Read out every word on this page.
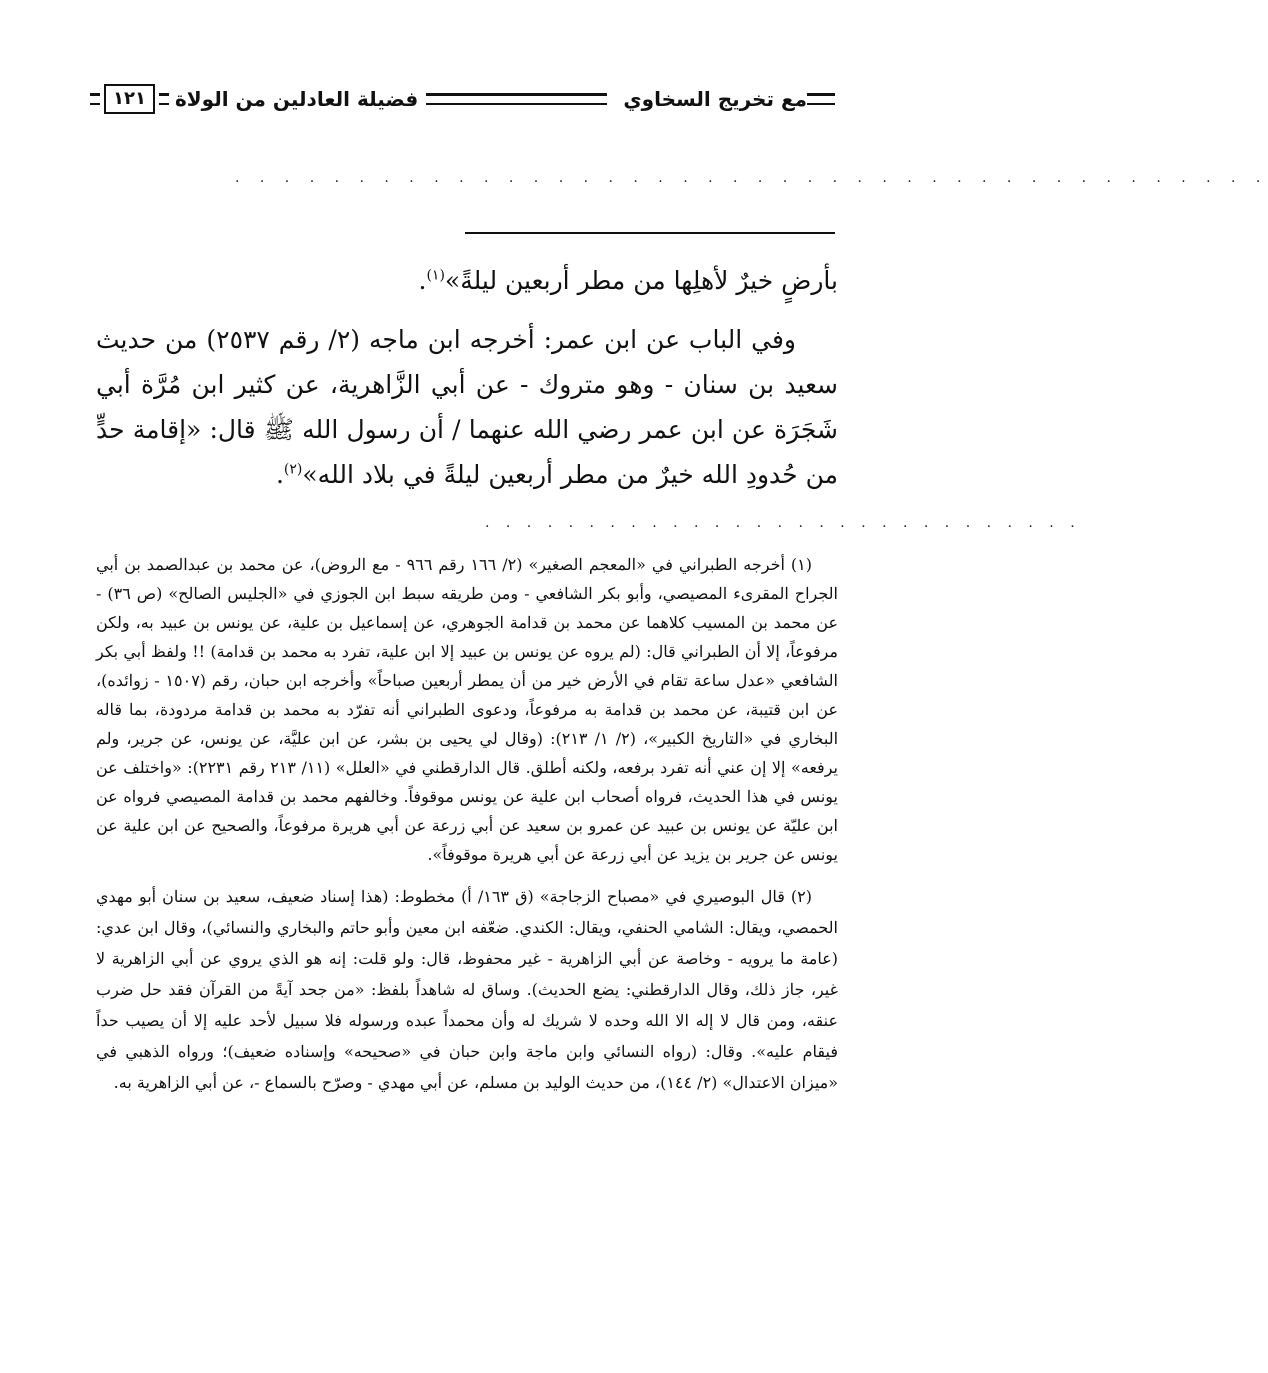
مع تخريج السخاوي
فضيلة العادلين من الولاة
١٢١
. . . . . . . . . . . . . . . . . . . . . . . . . . . . . . . . . . . . . . . . . .

بأرضٍ خيرٌ لأهلِها من مطر أربعين ليلةً»$^{(١)}$.

وفي الباب عن ابن عمر: أخرجه ابن ماجه (٢/ رقم ٢٥٣٧) من حديث سعيد بن سنان - وهو متروك - عن أبي الزَّاهرية، عن كثير ابن مُرَّة أبي شَجَرَة عن ابن عمر رضي الله عنهما / أن رسول الله ﷺ قال: «إقامة حدٍّ من حُدودِ الله خيرٌ من مطر أربعين ليلةً في بلاد الله»$^{(٢)}$.

. . . . . . . . . . . . . . . . . . . . . . . . . . . . .

(١) أخرجه الطبراني في «المعجم الصغير» (٢/ ١٦٦ رقم ٩٦٦ - مع الروض)، عن محمد بن عبدالصمد بن أبي الجراح المقرىء المصيصي، وأبو بكر الشافعي - ومن طريقه سبط ابن الجوزي في «الجليس الصالح» (ص ٣٦) - عن محمد بن المسيب كلاهما عن محمد بن قدامة الجوهري، عن إسماعيل بن علية، عن يونس بن عبيد به، ولكن مرفوعاً، إلا أن الطبراني قال: (لم يروه عن يونس بن عبيد إلا ابن علية، تفرد به محمد بن قدامة) !! ولفظ أبي بكر الشافعي «عدل ساعة تقام في الأرض خير من أن يمطر أربعين صباحاً» وأخرجه ابن حبان، رقم (١٥٠٧ - زوائده)، عن ابن قتيبة، عن محمد بن قدامة به مرفوعاً، ودعوى الطبراني أنه تفرّد به محمد بن قدامة مردودة، بما قاله البخاري في «التاريخ الكبير»، (٢/ ١/ ٢١٣): (وقال لي يحيى بن بشر، عن ابن عليَّة، عن يونس، عن جرير، ولم يرفعه» إلا إن عني أنه تفرد برفعه، ولكنه أطلق. قال الدارقطني في «العلل» (١١/ ٢١٣ رقم ٢٢٣١): «واختلف عن يونس في هذا الحديث، فرواه أصحاب ابن علية عن يونس موقوفاً. وخالفهم محمد بن قدامة المصيصي فرواه عن ابن عليّة عن يونس بن عبيد عن عمرو بن سعيد عن أبي زرعة عن أبي هريرة مرفوعاً، والصحيح عن ابن علية عن يونس عن جرير بن يزيد عن أبي زرعة عن أبي هريرة موقوفاً».

(٢) قال البوصيري في «مصباح الزجاجة» (ق ١٦٣/ أ) مخطوط: (هذا إسناد ضعيف، سعيد بن سنان أبو مهدي الحمصي، ويقال: الشامي الحنفي، ويقال: الكندي. ضعّفه ابن معين وأبو حاتم والبخاري والنسائي)، وقال ابن عدي: (عامة ما يرويه - وخاصة عن أبي الزاهرية - غير محفوظ، قال: ولو قلت: إنه هو الذي يروي عن أبي الزاهرية لا غير، جاز ذلك، وقال الدارقطني: يضع الحديث). وساق له شاهداً بلفظ: «من جحد آيةً من القرآن فقد حل ضرب عنقه، ومن قال لا إله الا الله وحده لا شريك له وأن محمداً عبده ورسوله فلا سبيل لأحد عليه إلا أن يصيب حداً فيقام عليه». وقال: (رواه النسائي وابن ماجة وابن حبان في «صحيحه» وإسناده ضعيف)؛ ورواه الذهبي في «ميزان الاعتدال» (٢/ ١٤٤)، من حديث الوليد بن مسلم، عن أبي مهدي - وصرّح بالسماع -، عن أبي الزاهرية به.
